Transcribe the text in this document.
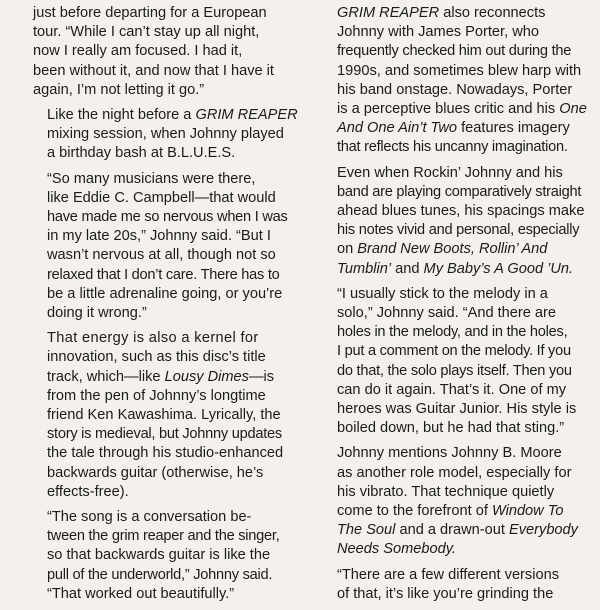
just before departing for a European
tour. “While I can’t stay up all night,
now I really am focused. I had it,
been without it, and now that I have it
again, I’m not letting it go.”

Like the night before a GRIM REAPER
mixing session, when Johnny played
a birthday bash at B.L.U.E.S.

“So many musicians were there,
like Eddie C. Campbell—that would
have made me so nervous when I was
in my late 20s,” Johnny said. “But I
wasn’t nervous at all, though not so
relaxed that I don’t care. There has to
be a little adrenaline going, or you’re
doing it wrong.”

That energy is also a kernel for
innovation, such as this disc’s title
track, which—like Lousy Dimes—is
from the pen of Johnny’s longtime
friend Ken Kawashima. Lyrically, the
story is medieval, but Johnny updates
the tale through his studio-enhanced
backwards guitar (otherwise, he’s
effects-free).

“The song is a conversation be-
tween the grim reaper and the singer,
so that backwards guitar is like the
pull of the underworld,” Johnny said.
“That worked out beautifully.”

GRIM REAPER also reconnects
Johnny with James Porter, who
frequently checked him out during the
1990s, and sometimes blew harp with
his band onstage. Nowadays, Porter
is a perceptive blues critic and his One
And One Ain’t Two features imagery
that reflects his uncanny imagination.

Even when Rockin’ Johnny and his
band are playing comparatively straight
ahead blues tunes, his spacings make
his notes vivid and personal, especially
on Brand New Boots, Rollin’ And
Tumblin’ and My Baby’s A Good ’Un.

“I usually stick to the melody in a
solo,” Johnny said. “And there are
holes in the melody, and in the holes,
I put a comment on the melody. If you
do that, the solo plays itself. Then you
can do it again. That’s it. One of my
heroes was Guitar Junior. His style is
boiled down, but he had that sting.”

Johnny mentions Johnny B. Moore
as another role model, especially for
his vibrato. That technique quietly
come to the forefront of Window To
The Soul and a drawn-out Everybody
Needs Somebody.

“There are a few different versions
of that, it’s like you’re grinding the
